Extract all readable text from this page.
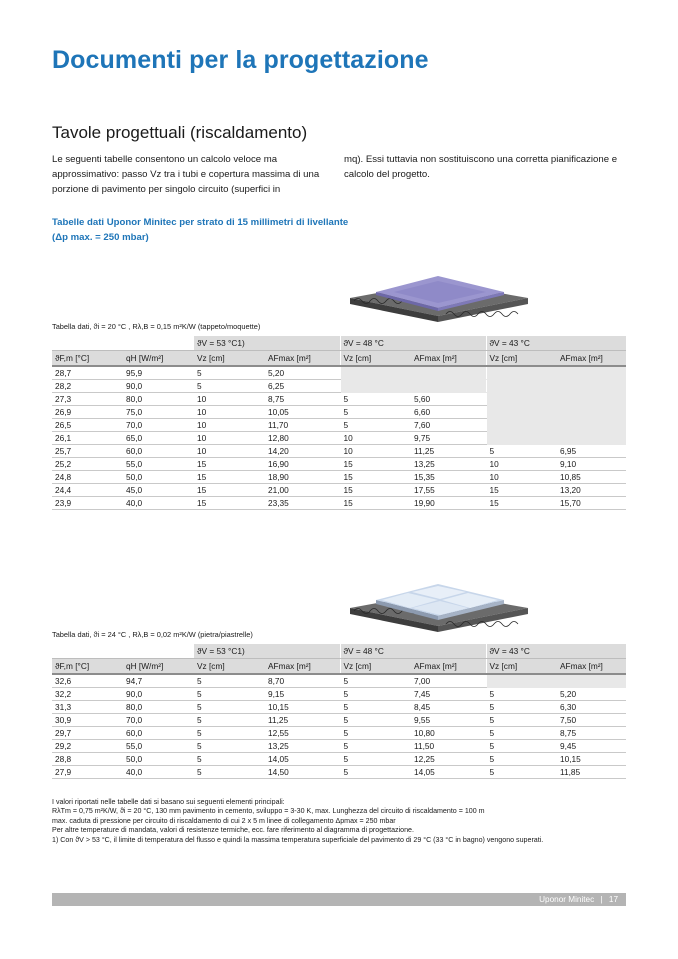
Documenti per la progettazione
Tavole progettuali (riscaldamento)
Le seguenti tabelle consentono un calcolo veloce ma approssimativo: passo Vz tra i tubi e copertura massima di una porzione di pavimento per singolo circuito (superfici in
mq). Essi tuttavia non sostituiscono una corretta pianificazione e calcolo del progetto.
Tabelle dati Uponor Minitec per strato di 15 millimetri di livellante
(Δp max. = 250 mbar)
Tabella dati, ϑi = 20 °C , Rλ,B = 0,15 m²K/W (tappeto/moquette)
		ϑV = 53 °C1)		ϑV = 48 °C		ϑV = 43 °C	
ϑF,m [°C]	qH [W/m²]	Vz [cm]	AFmax [m²]	Vz [cm]	AFmax [m²]	Vz [cm]	AFmax [m²]
28,7	95,9	5	5,20				
28,2	90,0	5	6,25				
27,3	80,0	10	8,75	5	5,60		
26,9	75,0	10	10,05	5	6,60		
26,5	70,0	10	11,70	5	7,60		
26,1	65,0	10	12,80	10	9,75		
25,7	60,0	10	14,20	10	11,25	5	6,95
25,2	55,0	15	16,90	15	13,25	10	9,10
24,8	50,0	15	18,90	15	15,35	10	10,85
24,4	45,0	15	21,00	15	17,55	15	13,20
23,9	40,0	15	23,35	15	19,90	15	15,70
Tabella dati, ϑi = 24 °C , Rλ,B = 0,02 m²K/W (pietra/piastrelle)
		ϑV = 53 °C1)		ϑV = 48 °C		ϑV = 43 °C	
ϑF,m [°C]	qH [W/m²]	Vz [cm]	AFmax [m²]	Vz [cm]	AFmax [m²]	Vz [cm]	AFmax [m²]
32,6	94,7	5	8,70	5	7,00		
32,2	90,0	5	9,15	5	7,45	5	5,20
31,3	80,0	5	10,15	5	8,45	5	6,30
30,9	70,0	5	11,25	5	9,55	5	7,50
29,7	60,0	5	12,55	5	10,80	5	8,75
29,2	55,0	5	13,25	5	11,50	5	9,45
28,8	50,0	5	14,05	5	12,25	5	10,15
27,9	40,0	5	14,50	5	14,05	5	11,85
I valori riportati nelle tabelle dati si basano sui seguenti elementi principali:
RλTm = 0,75 m²K/W, ϑi = 20 °C, 130 mm pavimento in cemento, sviluppo = 3-30 K, max. Lunghezza del circuito di riscaldamento = 100 m
max. caduta di pressione per circuito di riscaldamento di cui 2 x 5 m linee di collegamento Δpmax = 250 mbar
Per altre temperature di mandata, valori di resistenze termiche, ecc. fare riferimento al diagramma di progettazione.
1) Con ϑV > 53 °C, il limite di temperatura del flusso e quindi la massima temperatura superficiale del pavimento di 29 °C (33 °C in bagno) vengono superati.
Uponor Minitec | 17
